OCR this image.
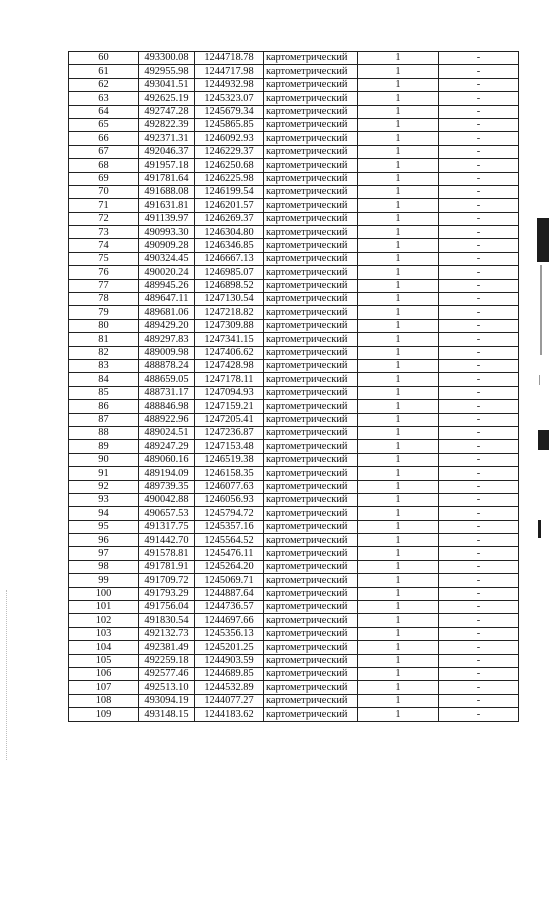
60	493300.08	1244718.78	картометрический	1	-
61	492955.98	1244717.98	картометрический	1	-
62	493041.51	1244932.98	картометрический	1	-
63	492625.19	1245323.07	картометрический	1	-
64	492747.28	1245679.34	картометрический	1	-
65	492822.39	1245865.85	картометрический	1	-
66	492371.31	1246092.93	картометрический	1	-
67	492046.37	1246229.37	картометрический	1	-
68	491957.18	1246250.68	картометрический	1	-
69	491781.64	1246225.98	картометрический	1	-
70	491688.08	1246199.54	картометрический	1	-
71	491631.81	1246201.57	картометрический	1	-
72	491139.97	1246269.37	картометрический	1	-
73	490993.30	1246304.80	картометрический	1	-
74	490909.28	1246346.85	картометрический	1	-
75	490324.45	1246667.13	картометрический	1	-
76	490020.24	1246985.07	картометрический	1	-
77	489945.26	1246898.52	картометрический	1	-
78	489647.11	1247130.54	картометрический	1	-
79	489681.06	1247218.82	картометрический	1	-
80	489429.20	1247309.88	картометрический	1	-
81	489297.83	1247341.15	картометрический	1	-
82	489009.98	1247406.62	картометрический	1	-
83	488878.24	1247428.98	картометрический	1	-
84	488659.05	1247178.11	картометрический	1	-
85	488731.17	1247094.93	картометрический	1	-
86	488846.98	1247159.21	картометрический	1	-
87	488922.96	1247205.41	картометрический	1	-
88	489024.51	1247236.87	картометрический	1	-
89	489247.29	1247153.48	картометрический	1	-
90	489060.16	1246519.38	картометрический	1	-
91	489194.09	1246158.35	картометрический	1	-
92	489739.35	1246077.63	картометрический	1	-
93	490042.88	1246056.93	картометрический	1	-
94	490657.53	1245794.72	картометрический	1	-
95	491317.75	1245357.16	картометрический	1	-
96	491442.70	1245564.52	картометрический	1	-
97	491578.81	1245476.11	картометрический	1	-
98	491781.91	1245264.20	картометрический	1	-
99	491709.72	1245069.71	картометрический	1	-
100	491793.29	1244887.64	картометрический	1	-
101	491756.04	1244736.57	картометрический	1	-
102	491830.54	1244697.66	картометрический	1	-
103	492132.73	1245356.13	картометрический	1	-
104	492381.49	1245201.25	картометрический	1	-
105	492259.18	1244903.59	картометрический	1	-
106	492577.46	1244689.85	картометрический	1	-
107	492513.10	1244532.89	картометрический	1	-
108	493094.19	1244077.27	картометрический	1	-
109	493148.15	1244183.62	картометрический	1	-
